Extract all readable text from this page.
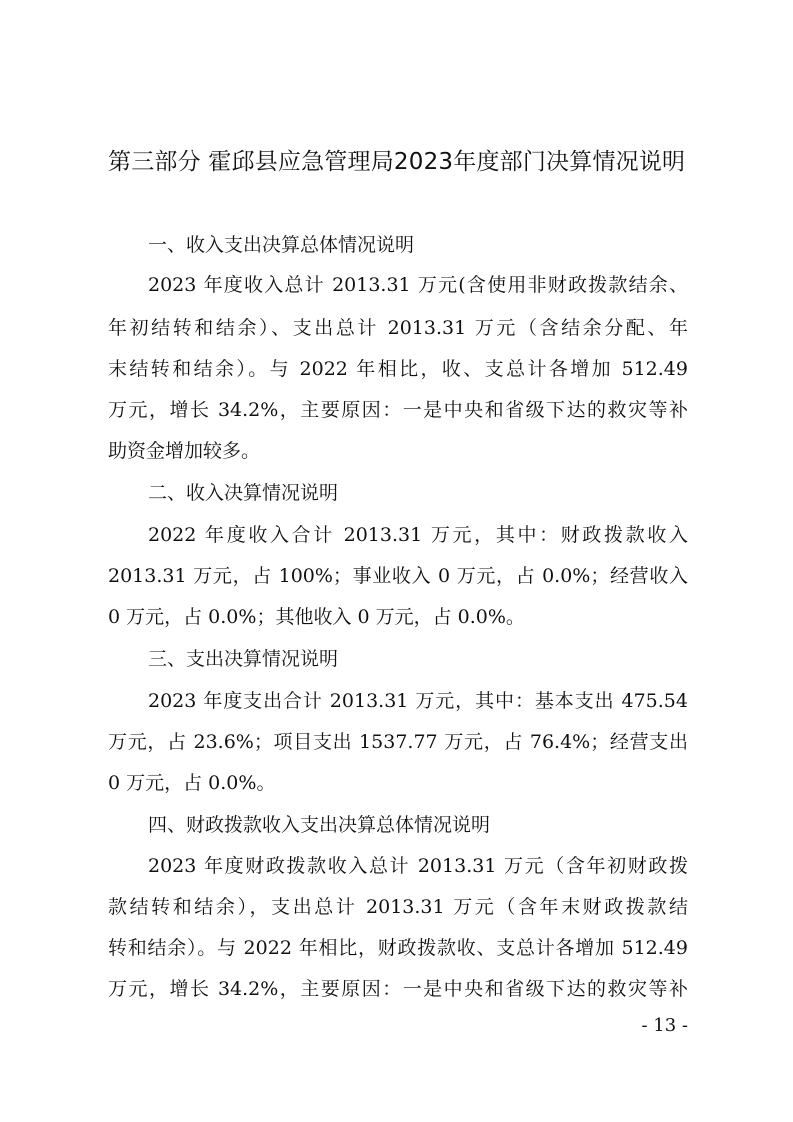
第三部分 霍邱县应急管理局2023年度部门决算情况说明
一、收入支出决算总体情况说明
2023 年度收入总计 2013.31 万元(含使用非财政拨款结余、
年初结转和结余）、支出总计 2013.31 万元（含结余分配、年
末结转和结余）。与 2022 年相比，收、支总计各增加 512.49
万元，增长 34.2%，主要原因：一是中央和省级下达的救灾等补
助资金增加较多。
二、收入决算情况说明
2022 年度收入合计 2013.31 万元，其中：财政拨款收入
2013.31 万元，占 100%；事业收入 0 万元，占 0.0%；经营收入
0 万元，占 0.0%；其他收入 0 万元，占 0.0%。
三、支出决算情况说明
2023 年度支出合计 2013.31 万元，其中：基本支出 475.54
万元，占 23.6%；项目支出 1537.77 万元，占 76.4%；经营支出
0 万元，占 0.0%。
四、财政拨款收入支出决算总体情况说明
2023 年度财政拨款收入总计 2013.31 万元（含年初财政拨
款结转和结余），支出总计 2013.31 万元（含年末财政拨款结
转和结余）。与 2022 年相比，财政拨款收、支总计各增加 512.49
万元，增长 34.2%，主要原因：一是中央和省级下达的救灾等补
- 13 -
